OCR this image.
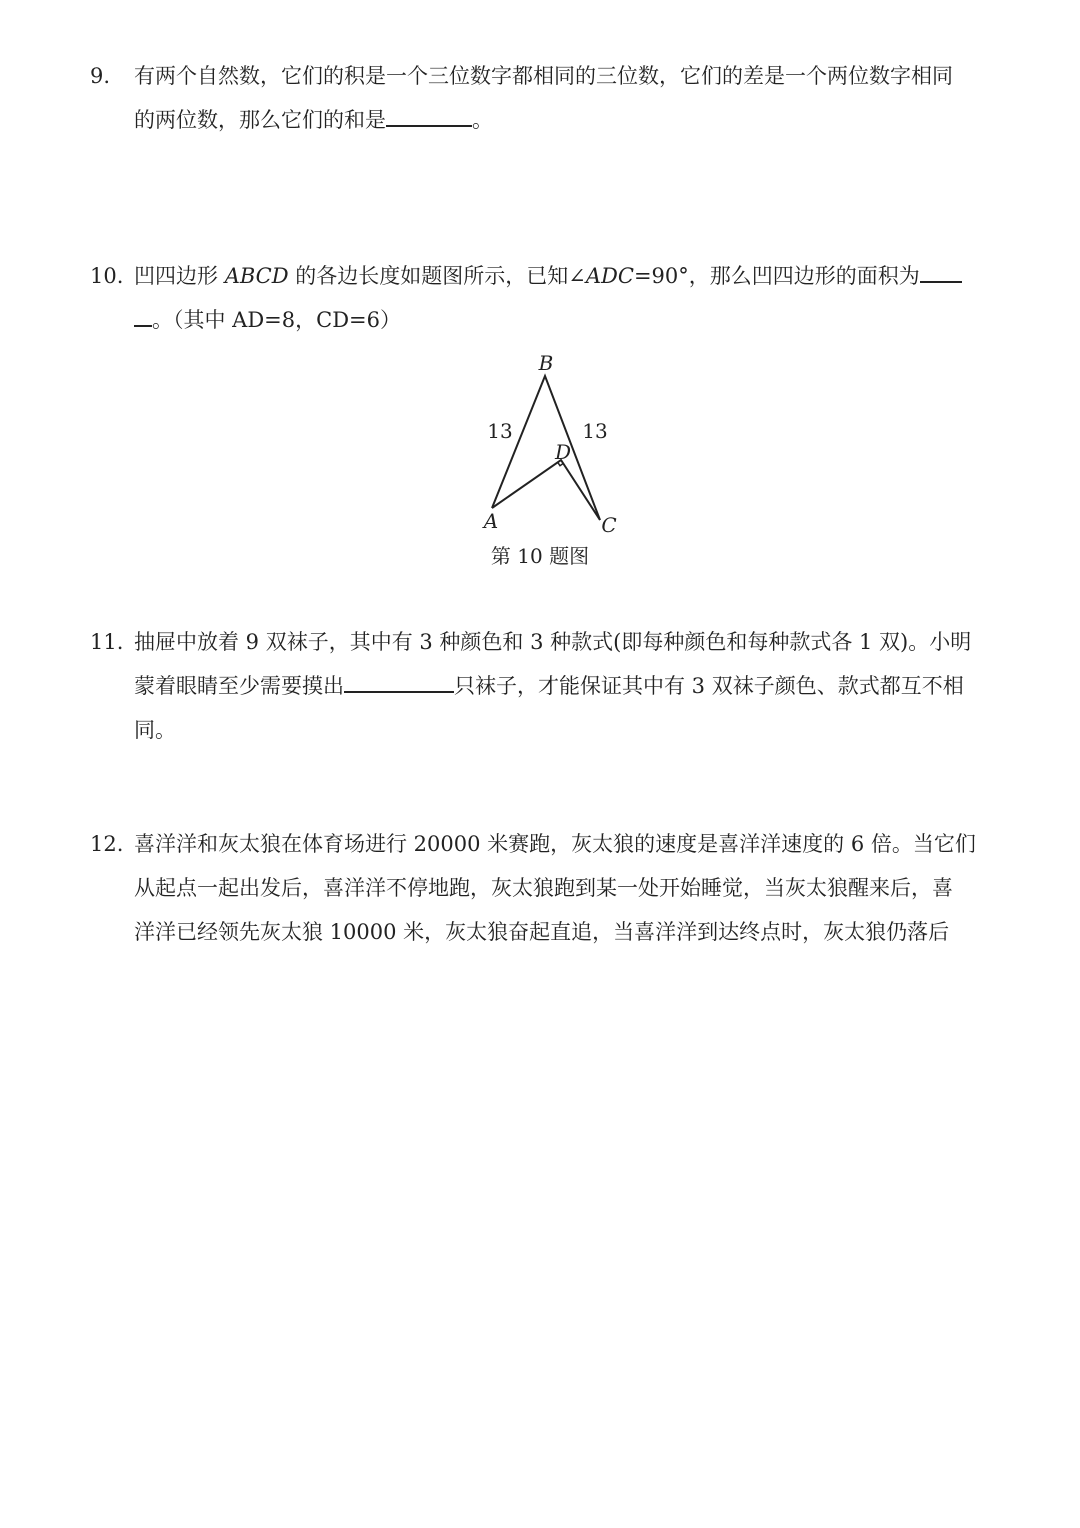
9. 有两个自然数，它们的积是一个三位数字都相同的三位数，它们的差是一个两位数字相同
的两位数，那么它们的和是	。
10. 凹四边形 ABCD 的各边长度如题图所示，已知∠ADC=90°，那么凹四边形的面积为
。（其中 AD=8，CD=6）
B
A	C
D
13	13
第 10 题图
11. 抽屉中放着 9 双袜子，其中有 3 种颜色和 3 种款式(即每种颜色和每种款式各 1 双)。小明
蒙着眼睛至少需要摸出	只袜子，才能保证其中有 3 双袜子颜色、款式都互不相
同。
12. 喜洋洋和灰太狼在体育场进行 20000 米赛跑，灰太狼的速度是喜洋洋速度的 6 倍。当它们
从起点一起出发后，喜洋洋不停地跑，灰太狼跑到某一处开始睡觉，当灰太狼醒来后，喜
洋洋已经领先灰太狼 10000 米，灰太狼奋起直追，当喜洋洋到达终点时，灰太狼仍落后
